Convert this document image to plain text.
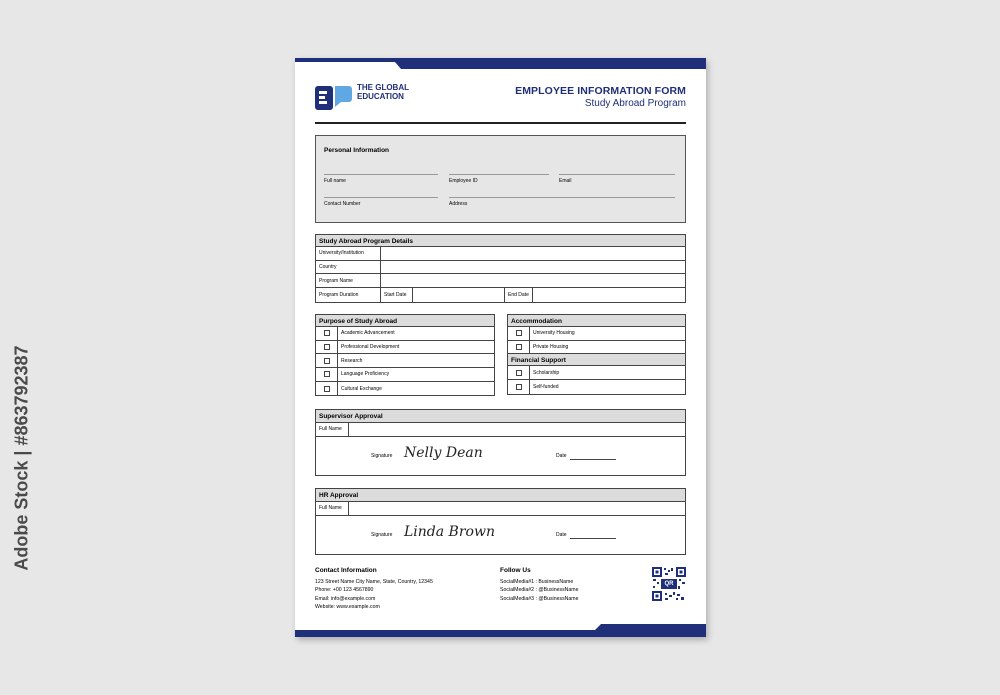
Adobe Stock | #863792387
THE GLOBAL EDUCATION	EMPLOYEE INFORMATION FORM
Study Abroad Program
Personal Information
Full name	Employee ID	Email
Contact Number	Address
Study Abroad Program Details
University/Institution
Country
Program Name
Program Duration	Start Date	End Date
Purpose of Study Abroad
Academic Advancement
Professional Development
Research
Language Proficiency
Cultural Exchange
Accommodation
University Housing
Private Housing
Financial Support
Scholarship
Self-funded
Supervisor Approval
Full Name
Signature Nelly Dean	Date
HR Approval
Full Name
Signature Linda Brown	Date
Contact Information
123 Street Name City Name, State, Country, 12345
Phone: +00 123 4567890
Email: info@example.com
Website: www.example.com
Follow Us
SocialMedia#1 : BusinessName
SocialMedia#2 : @BusinessName
SocialMedia#3 : @BusinessName
QR
